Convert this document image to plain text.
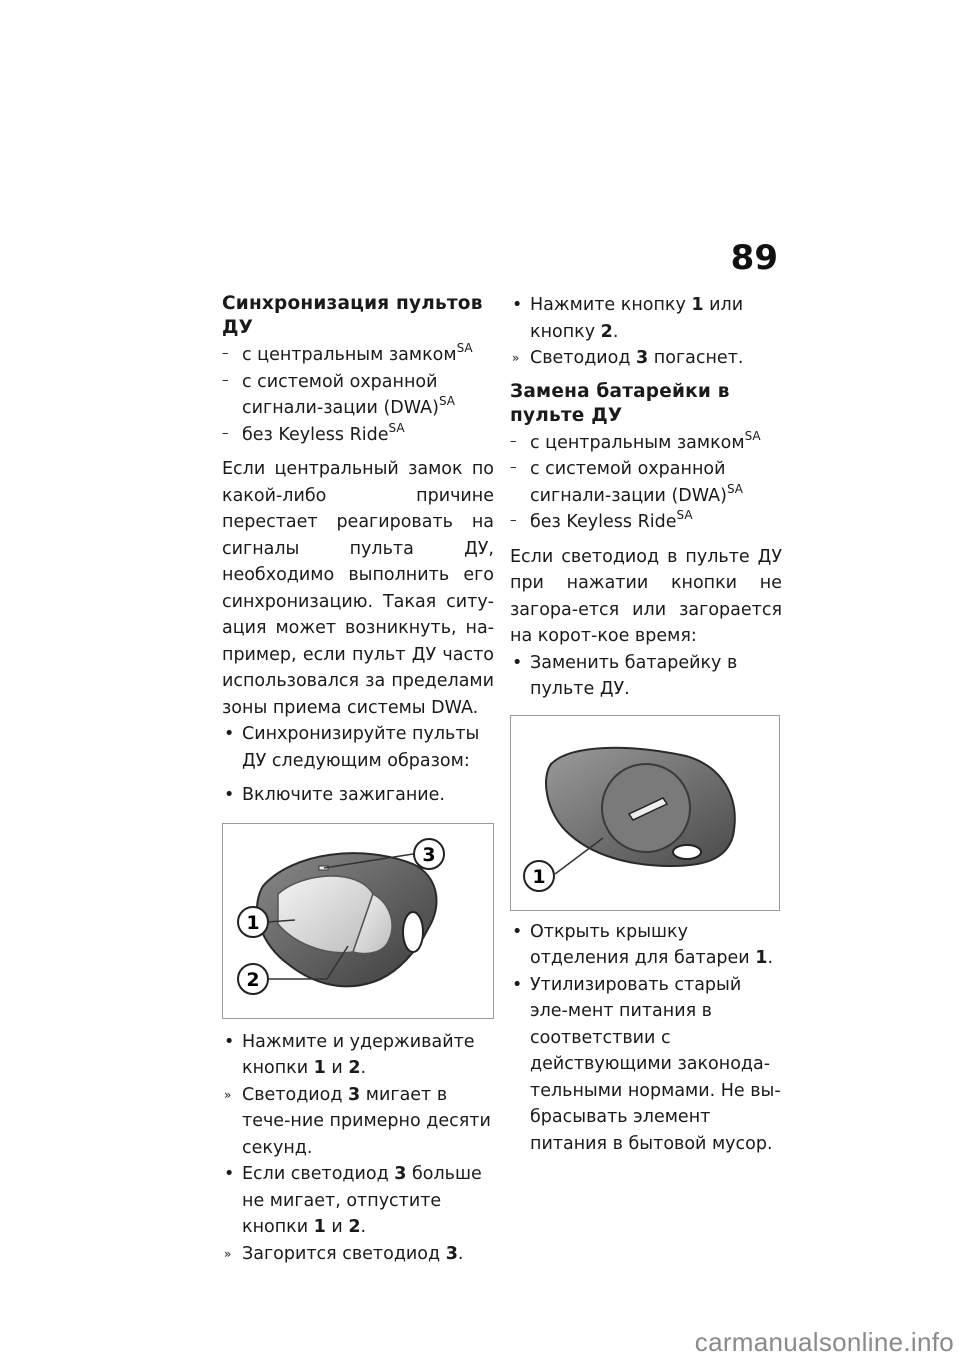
89
Синхронизация пультов ДУ

– с центральным замком$^{SA}$

– с системой охранной сигнали-зации (DWA)$^{SA}$

– без Keyless Ride$^{SA}$

Если центральный замок по какой-либо причине перестает реагировать на сигналы пульта ДУ, необходимо выполнить его синхронизацию. Такая ситу-ация может возникнуть, на-пример, если пульт ДУ часто использовался за пределами зоны приема системы DWA.

• Синхронизируйте пульты ДУ следующим образом:

• Включите зажигание.

1
2
3

• Нажмите и удерживайте кнопки 1 и 2.

» Светодиод 3 мигает в тече-ние примерно десяти секунд.

• Если светодиод 3 больше не мигает, отпустите кнопки 1 и 2.

» Загорится светодиод 3.

• Нажмите кнопку 1 или кнопку 2.

» Светодиод 3 погаснет.

Замена батарейки в пульте ДУ

– с центральным замком$^{SA}$

– с системой охранной сигнали-зации (DWA)$^{SA}$

– без Keyless Ride$^{SA}$

Если светодиод в пульте ДУ при нажатии кнопки не загора-ется или загорается на корот-кое время:

• Заменить батарейку в пульте ДУ.

1

• Открыть крышку отделения для батареи 1.

• Утилизировать старый эле-мент питания в соответствии с действующими законода-тельными нормами. Не вы-брасывать элемент питания в бытовой мусор.

carmanualsonline.info
